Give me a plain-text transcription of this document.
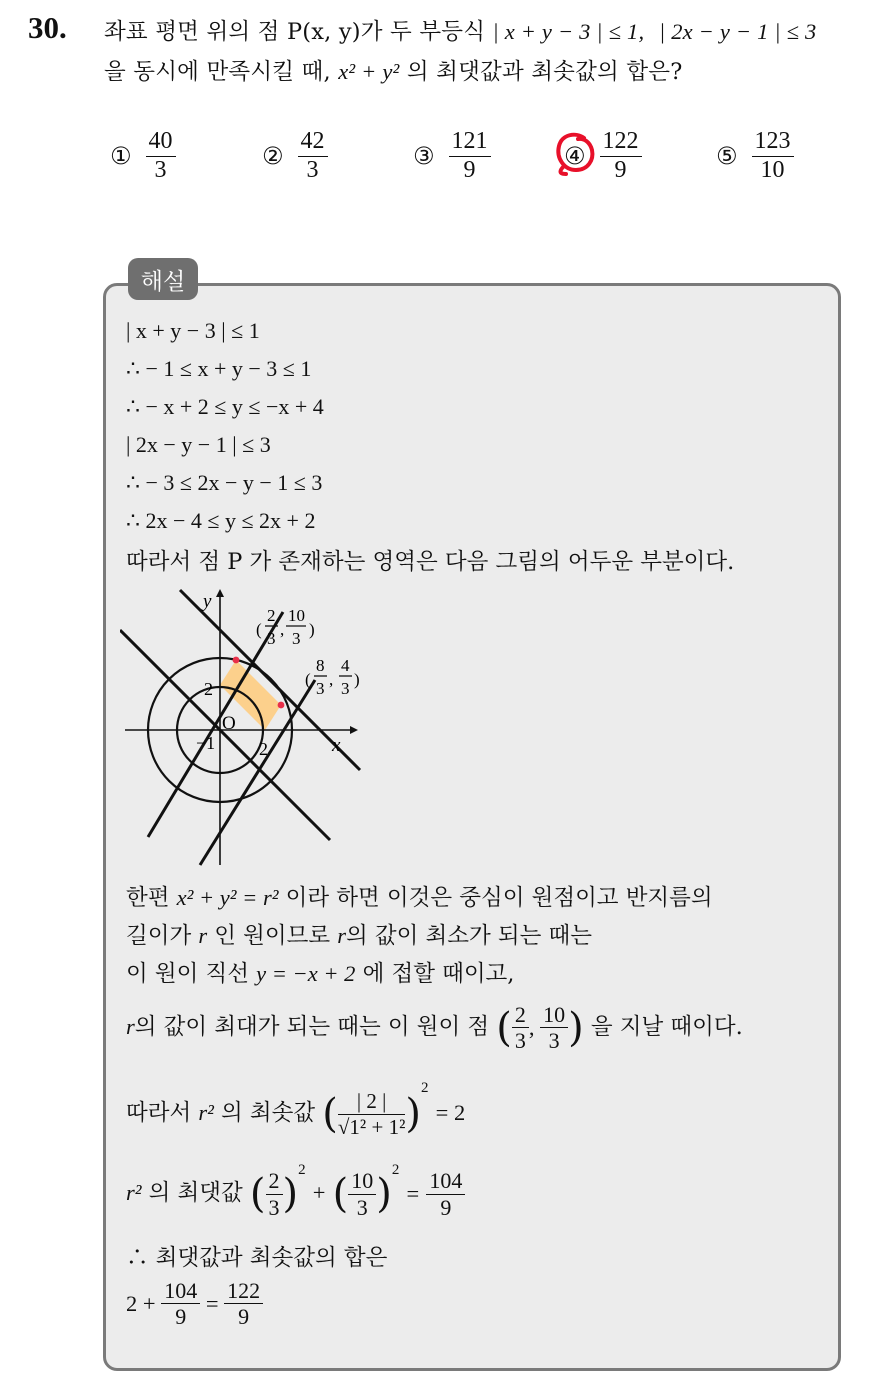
30. 좌표 평면 위의 점 P(x, y)가 두 부등식 | x + y − 3 | ≤ 1, | 2x − y − 1 | ≤ 3
을 동시에 만족시킬 때, x² + y² 의 최댓값과 최솟값의 합은?
① $\frac{40}{3}$	② $\frac{42}{3}$	③ $\frac{121}{9}$	④ $\frac{122}{9}$	⑤ $\frac{123}{10}$
해설
| x + y − 3 | ≤ 1
∴ − 1 ≤ x + y − 3 ≤ 1
∴ − x + 2 ≤ y ≤ −x + 4
| 2x − y − 1 | ≤ 3
∴ − 3 ≤ 2x − y − 1 ≤ 3
∴ 2x − 4 ≤ y ≤ 2x + 2
따라서 점 P 가 존재하는 영역은 다음 그림의 어두운 부분이다.
y
x
O
2
−1 2
(
2
3 ,
10
3 )
(
8
3 ,
4
3 )
한편 x² + y² = r² 이라 하면 이것은 중심이 원점이고 반지름의
길이가 r 인 원이므로 r의 값이 최소가 되는 때는
이 원이 직선 y = −x + 2 에 접할 때이고,
r의 값이 최대가 되는 때는 이 원이 점 ( $\frac{2}{3}$ , $\frac{10}{3}$ ) 을 지날 때이다.
따라서 r² 의 최솟값 ( $\frac{| 2 |}{\text{√1² + 1²}} )^2 = 2$
r² 의 최댓값 ( $\frac{2}{3} )^2$ + ( $\frac{10}{3} )^2 = \frac{104}{9}$
∴ 최댓값과 최솟값의 합은
$2 + \frac{104}{9} = \frac{122}{9}$
